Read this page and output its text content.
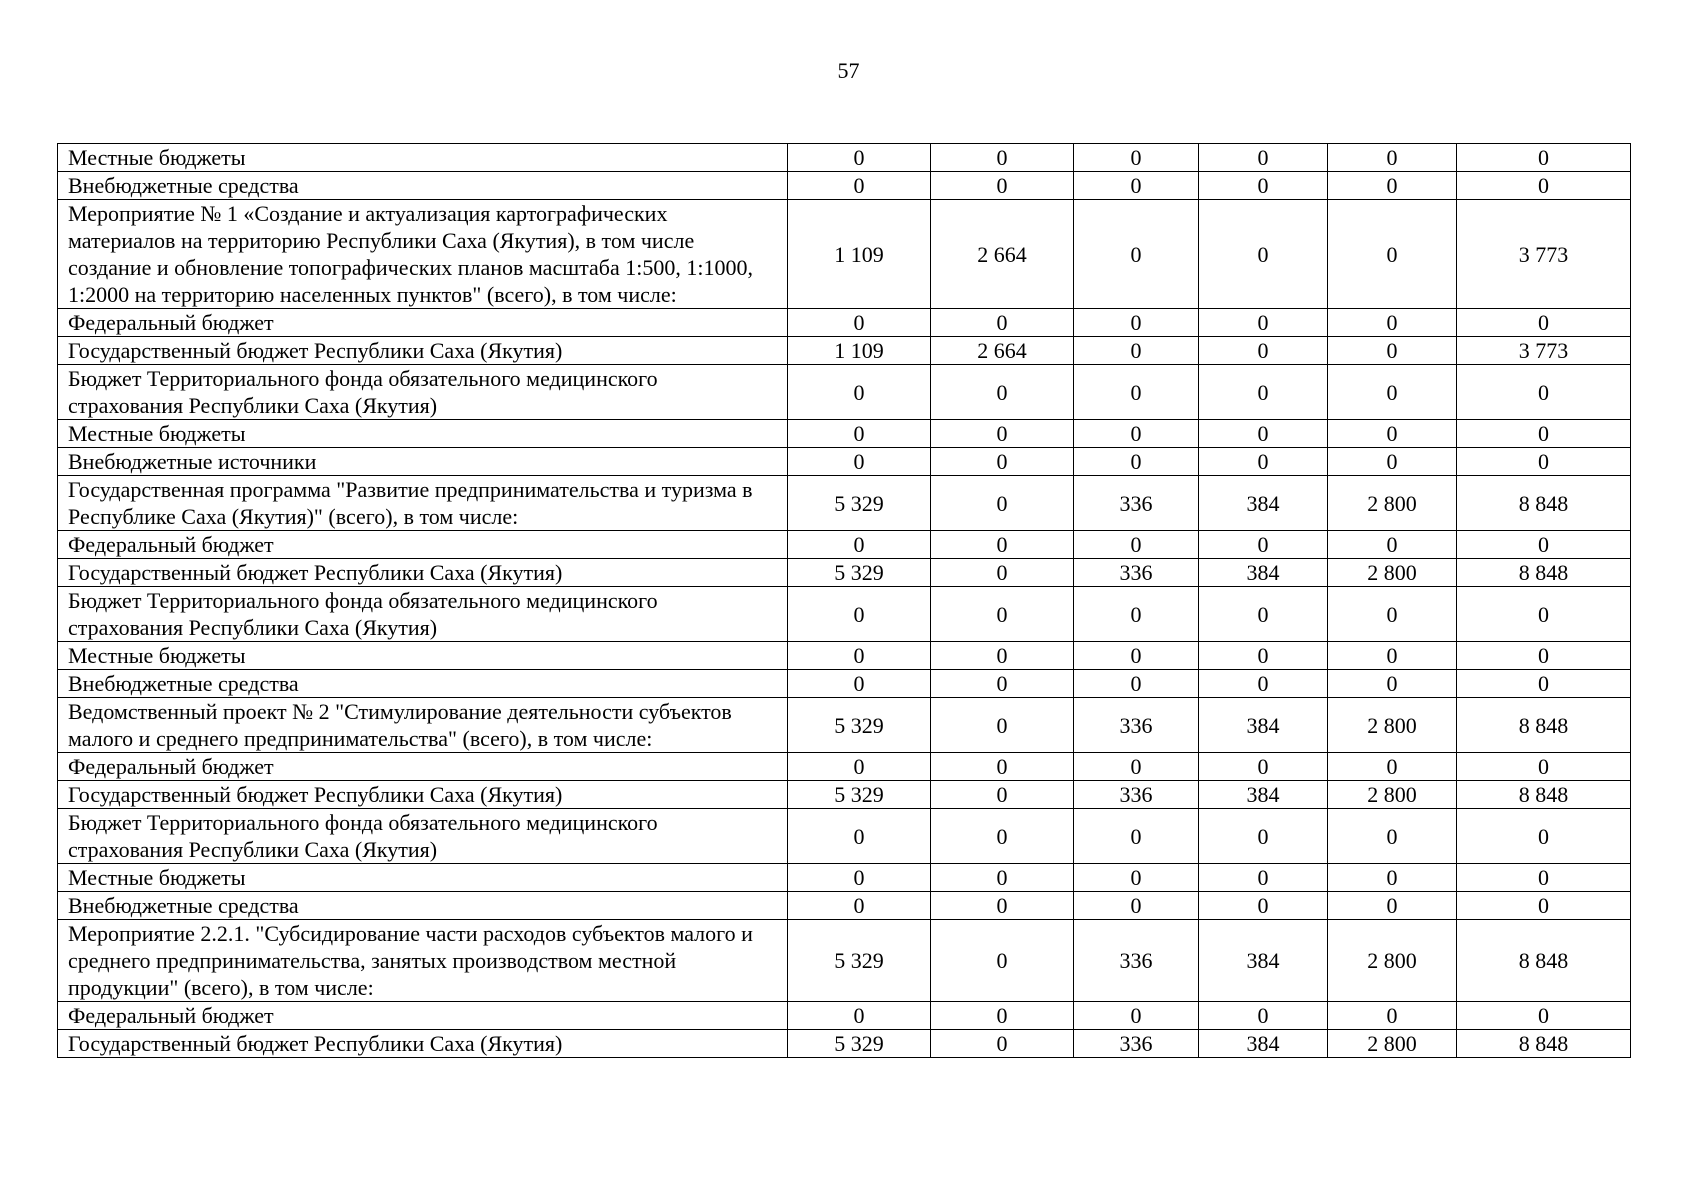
57
Местные бюджеты	0	0	0	0	0	0
Внебюджетные средства	0	0	0	0	0	0
Мероприятие № 1 «Создание и актуализация картографических материалов на территорию Республики Саха (Якутия), в том числе создание и обновление топографических планов масштаба 1:500, 1:1000, 1:2000 на территорию населенных пунктов" (всего), в том числе:	1 109	2 664	0	0	0	3 773
Федеральный бюджет	0	0	0	0	0	0
Государственный бюджет Республики Саха (Якутия)	1 109	2 664	0	0	0	3 773
Бюджет Территориального фонда обязательного медицинского страхования Республики Саха (Якутия)	0	0	0	0	0	0
Местные бюджеты	0	0	0	0	0	0
Внебюджетные источники	0	0	0	0	0	0
Государственная программа "Развитие предпринимательства и туризма в Республике Саха (Якутия)" (всего), в том числе:	5 329	0	336	384	2 800	8 848
Федеральный бюджет	0	0	0	0	0	0
Государственный бюджет Республики Саха (Якутия)	5 329	0	336	384	2 800	8 848
Бюджет Территориального фонда обязательного медицинского страхования Республики Саха (Якутия)	0	0	0	0	0	0
Местные бюджеты	0	0	0	0	0	0
Внебюджетные средства	0	0	0	0	0	0
Ведомственный проект № 2 "Стимулирование деятельности субъектов малого и среднего предпринимательства" (всего), в том числе:	5 329	0	336	384	2 800	8 848
Федеральный бюджет	0	0	0	0	0	0
Государственный бюджет Республики Саха (Якутия)	5 329	0	336	384	2 800	8 848
Бюджет Территориального фонда обязательного медицинского страхования Республики Саха (Якутия)	0	0	0	0	0	0
Местные бюджеты	0	0	0	0	0	0
Внебюджетные средства	0	0	0	0	0	0
Мероприятие 2.2.1. "Субсидирование части расходов субъектов малого и среднего предпринимательства, занятых производством местной продукции" (всего), в том числе:	5 329	0	336	384	2 800	8 848
Федеральный бюджет	0	0	0	0	0	0
Государственный бюджет Республики Саха (Якутия)	5 329	0	336	384	2 800	8 848
